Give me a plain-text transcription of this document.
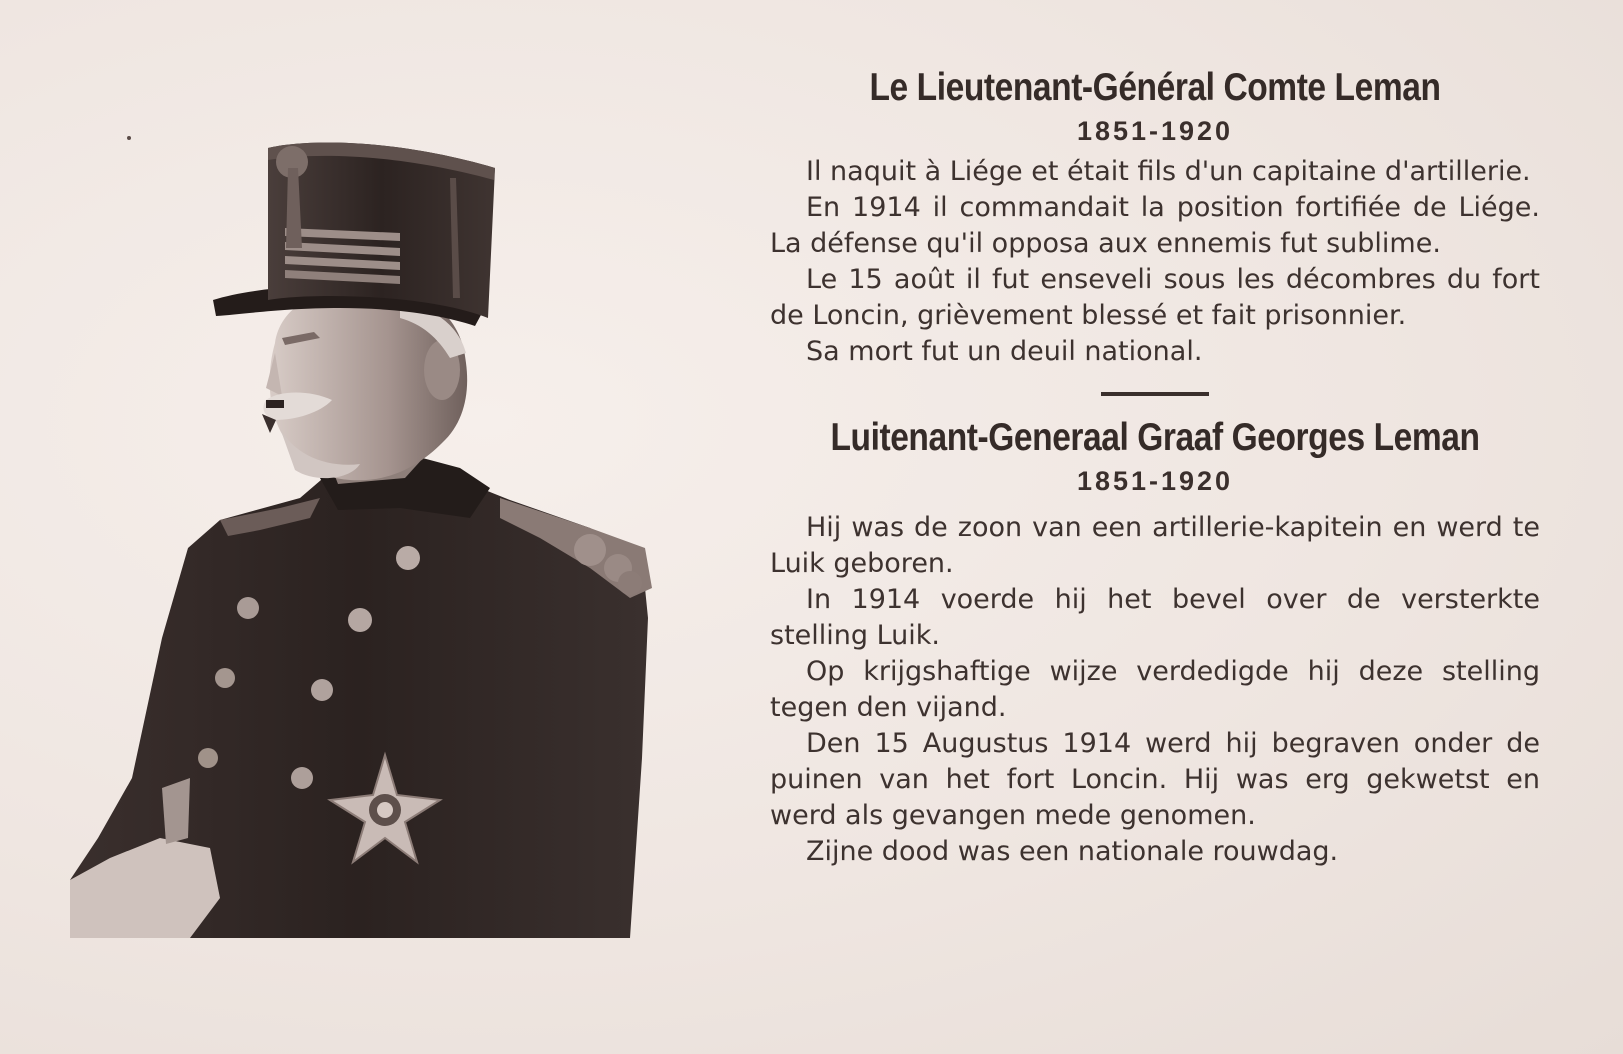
Le Lieutenant-Général Comte Leman
1851-1920

Il naquit à Liége et était fils d'un capitaine d'artillerie.

En 1914 il commandait la position fortifiée de Liége. La défense qu'il opposa aux ennemis fut sublime.

Le 15 août il fut enseveli sous les décombres du fort de Loncin, grièvement blessé et fait prisonnier.

Sa mort fut un deuil national.

Luitenant-Generaal Graaf Georges Leman
1851-1920

Hij was de zoon van een artillerie-kapitein en werd te Luik geboren.

In 1914 voerde hij het bevel over de versterkte stelling Luik.

Op krijgshaftige wijze verdedigde hij deze stelling tegen den vijand.

Den 15 Augustus 1914 werd hij begraven onder de puinen van het fort Loncin. Hij was erg gekwetst en werd als gevangen mede genomen.

Zijne dood was een nationale rouwdag.
